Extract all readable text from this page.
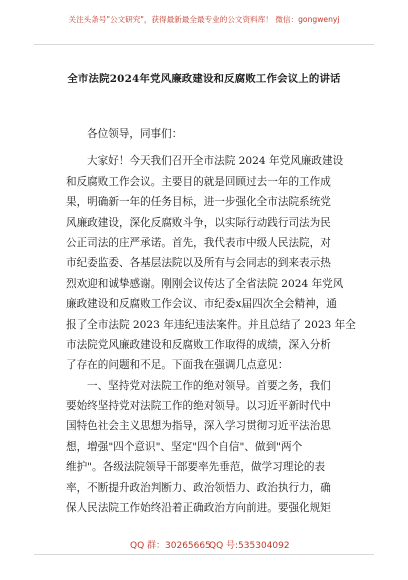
关注头条号"公文研究"，获得最新最全最专业的公文资料库！ 微信：gongwenyj
全市法院2024年党风廉政建设和反腐败工作会议上的讲话
各位领导，同事们：
大家好！今天我们召开全市法院 2024 年党风廉政建设
和反腐败工作会议。主要目的就是回顾过去一年的工作成
果，明确新一年的任务目标，进一步强化全市法院系统党
风廉政建设，深化反腐败斗争，以实际行动践行司法为民
公正司法的庄严承诺。首先，我代表市中级人民法院，对
市纪委监委、各基层法院以及所有与会同志的到来表示热
烈欢迎和诚挚感谢。刚刚会议传达了全省法院 2024 年党风
廉政建设和反腐败工作会议、市纪委x届四次全会精神，通
报了全市法院 2023 年违纪违法案件。并且总结了 2023 年全
市法院党风廉政建设和反腐败工作取得的成绩，深入分析
了存在的问题和不足。下面我在强调几点意见：
一、坚持党对法院工作的绝对领导。首要之务，我们
要始终坚持党对法院工作的绝对领导。以习近平新时代中
国特色社会主义思想为指导，深入学习贯彻习近平法治思
想，增强"四个意识"、坚定"四个自信"、做到"两个
维护"。各级法院领导干部要率先垂范，做学习理论的表
率，不断提升政治判断力、政治领悟力、政治执行力，确
保人民法院工作始终沿着正确政治方向前进。要强化规矩
QQ 群：30265665
QQ 号:535304092
